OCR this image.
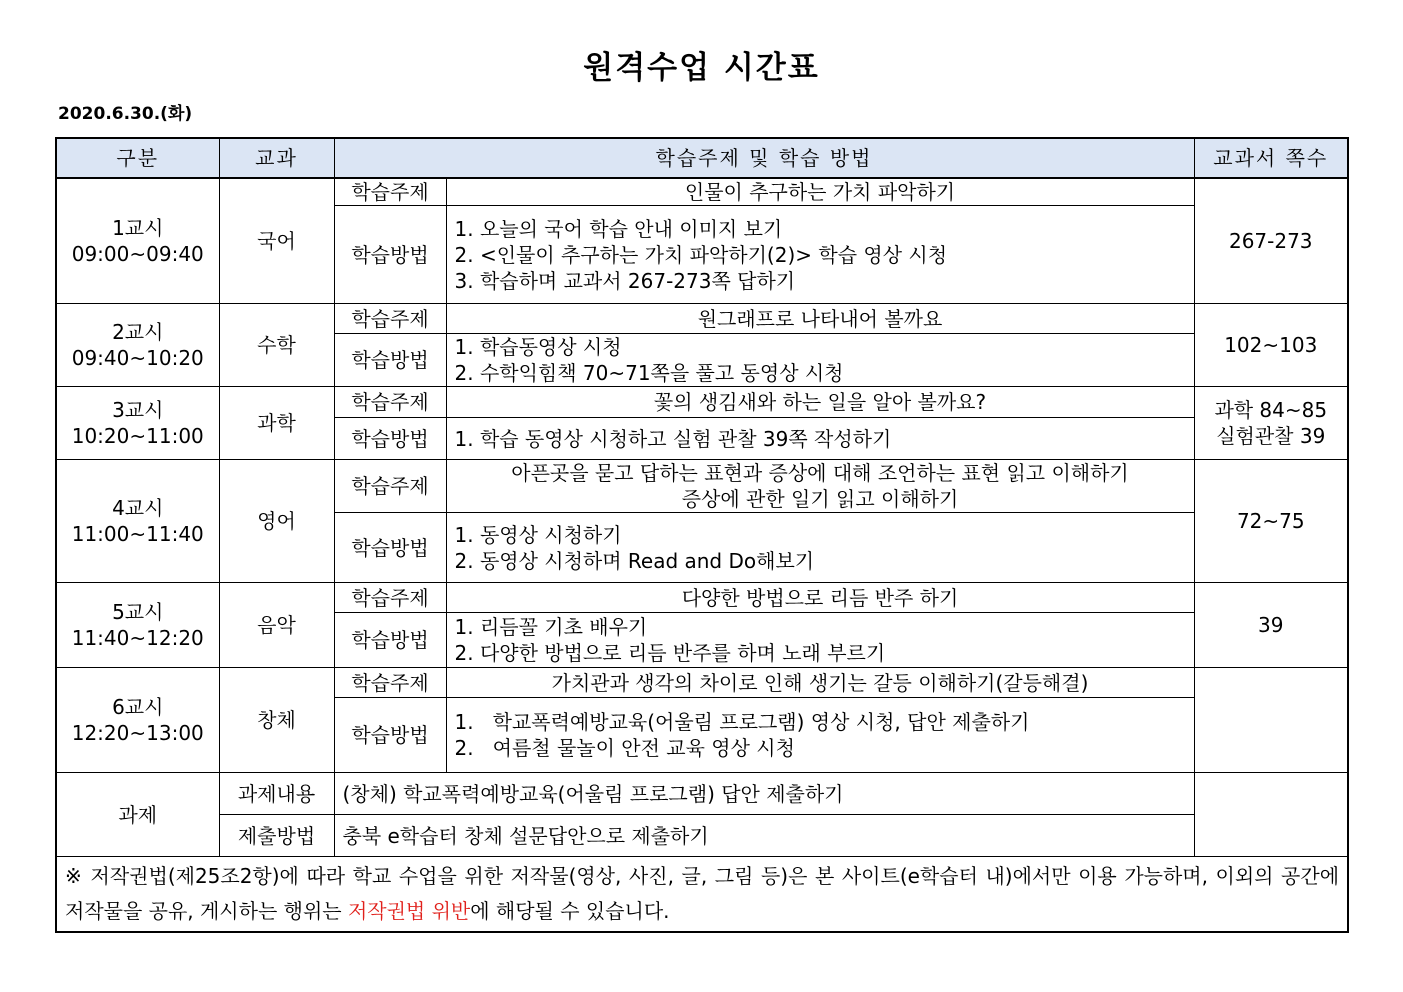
원격수업 시간표
2020.6.30.(화)
구분	교과	학습주제 및 학습 방법		교과서 쪽수

1교시
09:00~09:40	국어	학습주제	인물이 추구하는 가치 파악하기	267-273

		학습방법	1. 오늘의 국어 학습 안내 이미지 보기
2. <인물이 추구하는 가치 파악하기(2)> 학습 영상 시청
3. 학습하며 교과서 267-273쪽 답하기	

2교시
09:40~10:20	수학	학습주제	원그래프로 나타내어 볼까요	102~103

		학습방법	1. 학습동영상 시청
2. 수학익힘책 70~71쪽을 풀고 동영상 시청	

3교시
10:20~11:00	과학	학습주제	꽃의 생김새와 하는 일을 알아 볼까요?	과학 84~85
실험관찰 39

		학습방법	1. 학습 동영상 시청하고 실험 관찰 39쪽 작성하기	

4교시
11:00~11:40	영어	학습주제	아픈곳을 묻고 답하는 표현과 증상에 대해 조언하는 표현 읽고 이해하기
증상에 관한 일기 읽고 이해하기	72~75

		학습방법	1. 동영상 시청하기
2. 동영상 시청하며 Read and Do해보기	

5교시
11:40~12:20	음악	학습주제	다양한 방법으로 리듬 반주 하기	39

		학습방법	1. 리듬꼴 기초 배우기
2. 다양한 방법으로 리듬 반주를 하며 노래 부르기	

6교시
12:20~13:00	창체	학습주제	가치관과 생각의 차이로 인해 생기는 갈등 이해하기(갈등해결)	

		학습방법	1.   학교폭력예방교육(어울림 프로그램) 영상 시청, 답안 제출하기
2.   여름철 물놀이 안전 교육 영상 시청	

과제	과제내용	(창체) 학교폭력예방교육(어울림 프로그램) 답안 제출하기		
	제출방법	충북 e학습터 창체 설문답안으로 제출하기		
※ 저작권법(제25조2항)에 따라 학교 수업을 위한 저작물(영상, 사진, 글, 그림 등)은 본 사이트(e학습터 내)에서만 이용 가능하며, 이외의 공간에 저작물을 공유, 게시하는 행위는 저작권법 위반에 해당될 수 있습니다.				
